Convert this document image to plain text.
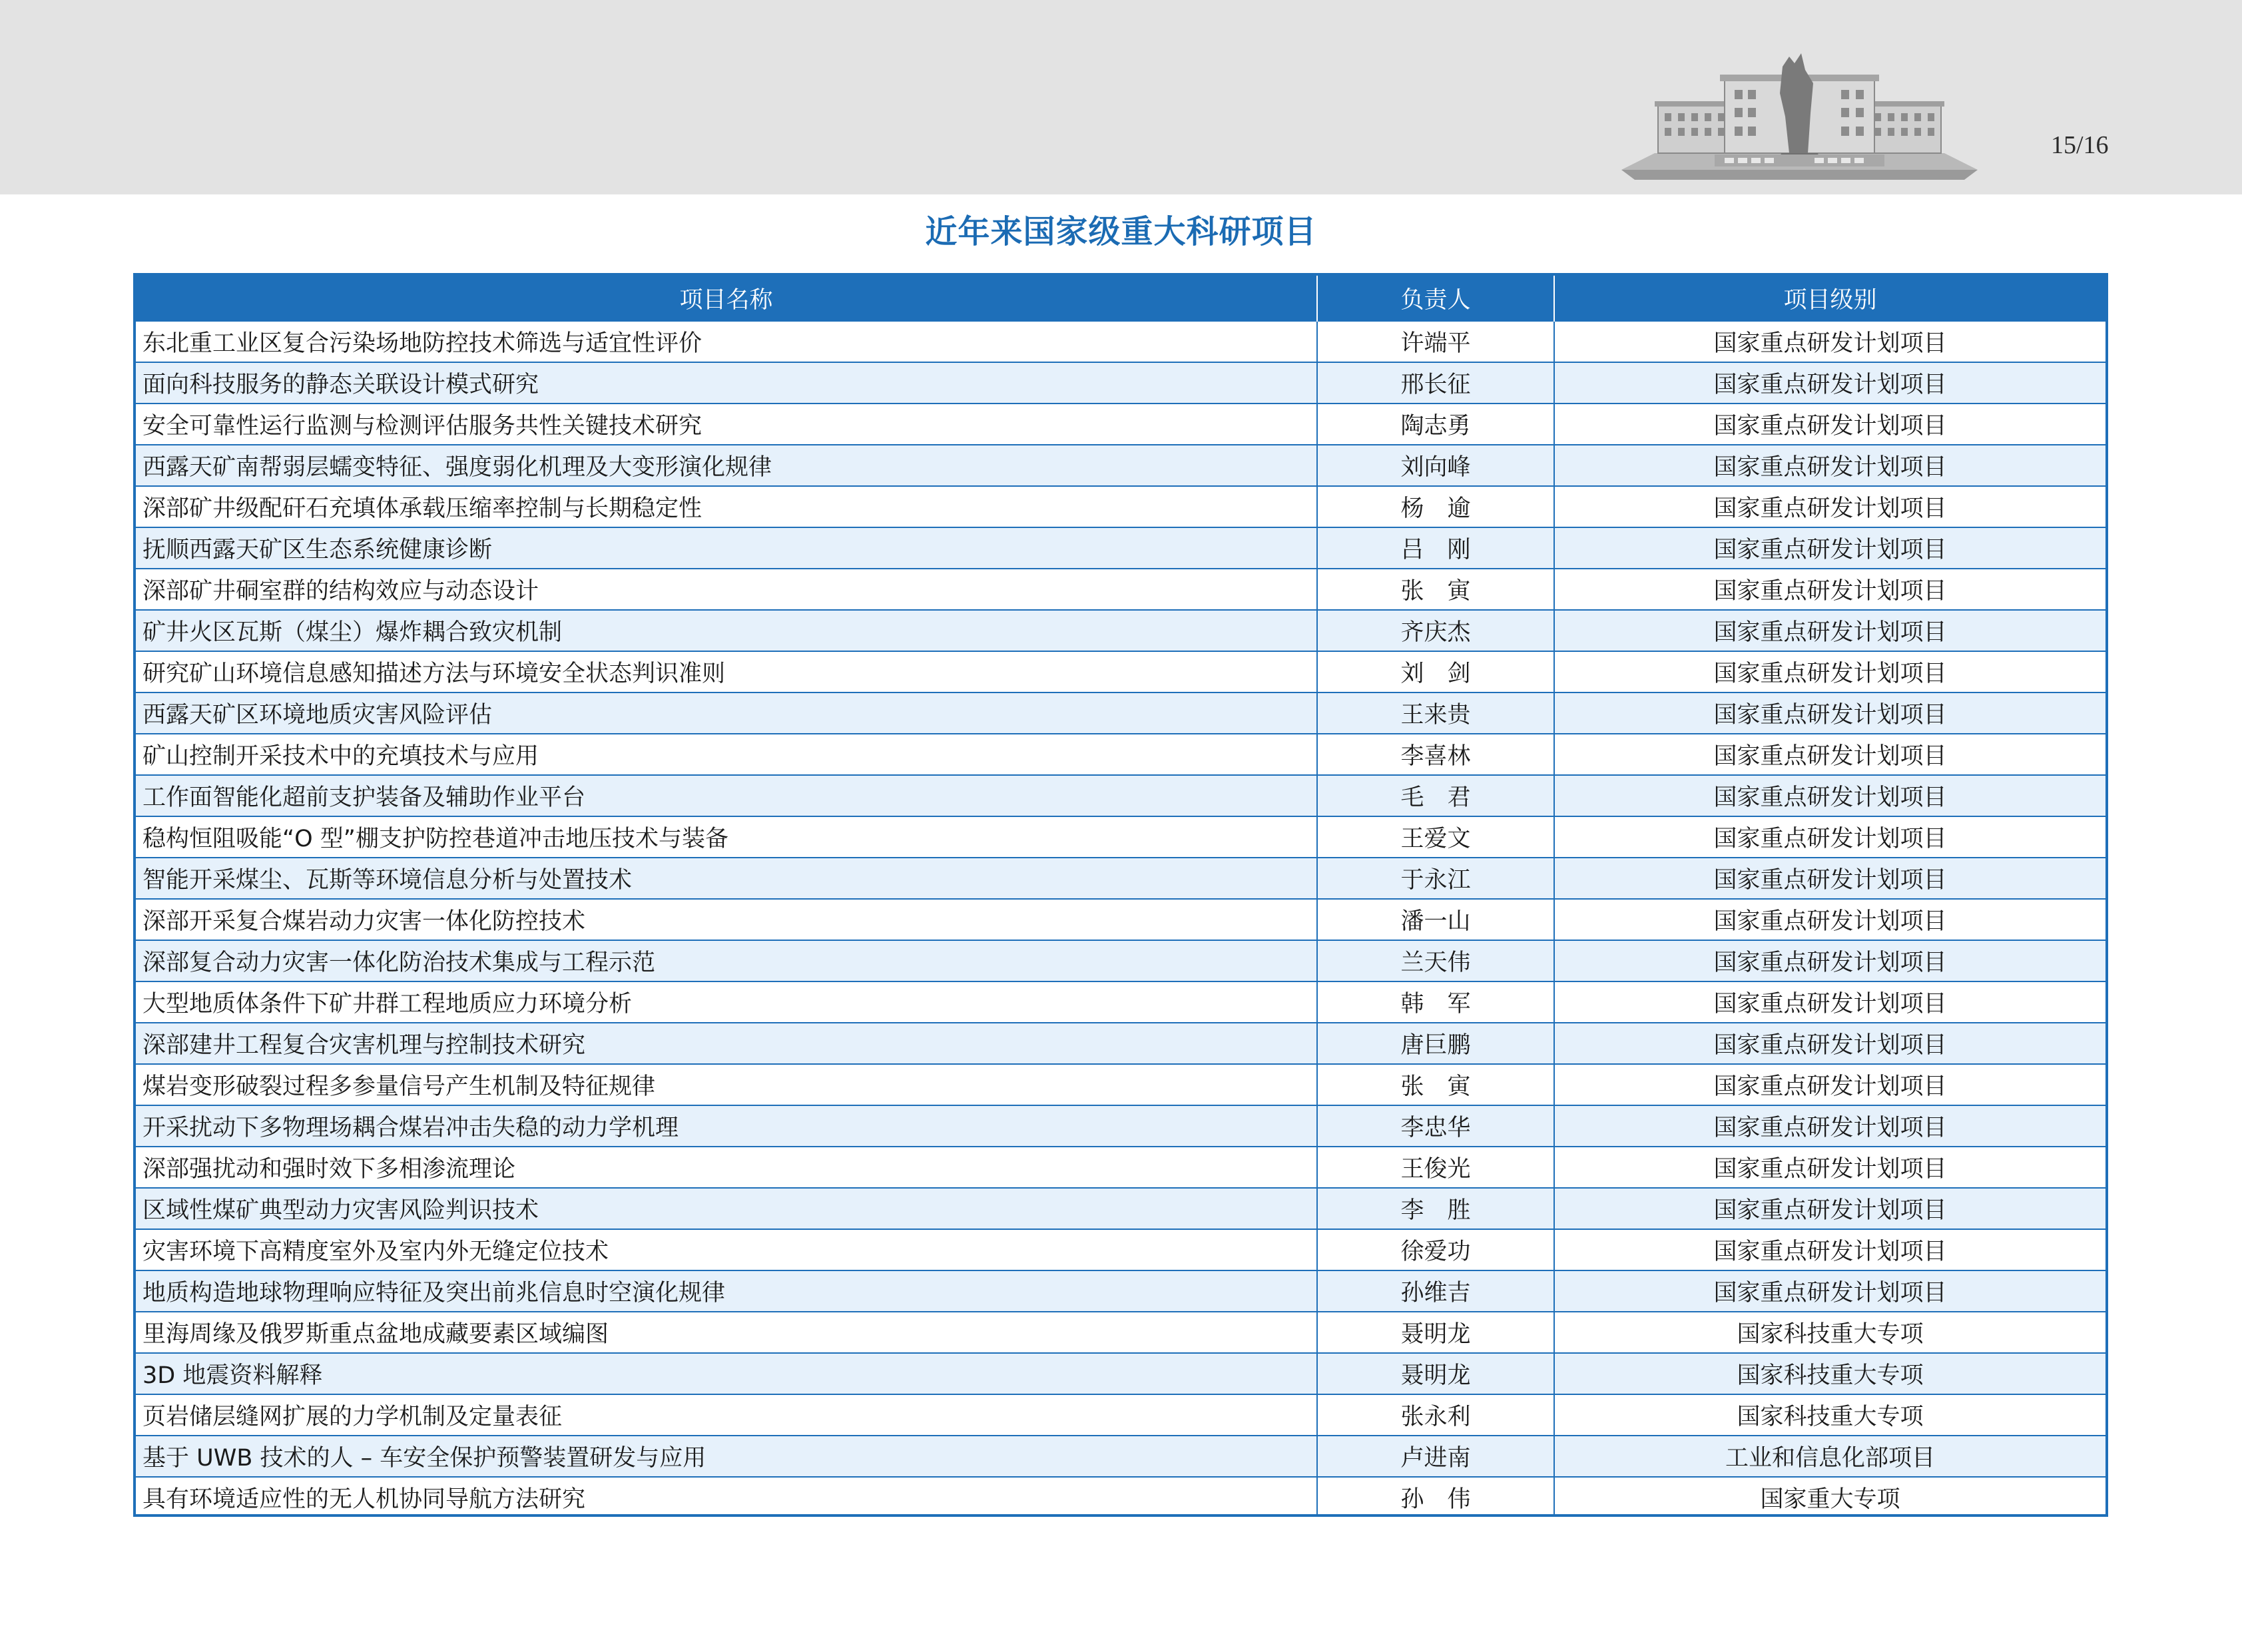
15/16
近年来国家级重大科研项目
项目名称	负责人	项目级别
东北重工业区复合污染场地防控技术筛选与适宜性评价	许端平	国家重点研发计划项目
面向科技服务的静态关联设计模式研究	邢长征	国家重点研发计划项目
安全可靠性运行监测与检测评估服务共性关键技术研究	陶志勇	国家重点研发计划项目
西露天矿南帮弱层蠕变特征、强度弱化机理及大变形演化规律	刘向峰	国家重点研发计划项目
深部矿井级配矸石充填体承载压缩率控制与长期稳定性	杨　逾	国家重点研发计划项目
抚顺西露天矿区生态系统健康诊断	吕　刚	国家重点研发计划项目
深部矿井硐室群的结构效应与动态设计	张　寅	国家重点研发计划项目
矿井火区瓦斯（煤尘）爆炸耦合致灾机制	齐庆杰	国家重点研发计划项目
研究矿山环境信息感知描述方法与环境安全状态判识准则	刘　剑	国家重点研发计划项目
西露天矿区环境地质灾害风险评估	王来贵	国家重点研发计划项目
矿山控制开采技术中的充填技术与应用	李喜林	国家重点研发计划项目
工作面智能化超前支护装备及辅助作业平台	毛　君	国家重点研发计划项目
稳构恒阻吸能“O 型”棚支护防控巷道冲击地压技术与装备	王爱文	国家重点研发计划项目
智能开采煤尘、瓦斯等环境信息分析与处置技术	于永江	国家重点研发计划项目
深部开采复合煤岩动力灾害一体化防控技术	潘一山	国家重点研发计划项目
深部复合动力灾害一体化防治技术集成与工程示范	兰天伟	国家重点研发计划项目
大型地质体条件下矿井群工程地质应力环境分析	韩　军	国家重点研发计划项目
深部建井工程复合灾害机理与控制技术研究	唐巨鹏	国家重点研发计划项目
煤岩变形破裂过程多参量信号产生机制及特征规律	张　寅	国家重点研发计划项目
开采扰动下多物理场耦合煤岩冲击失稳的动力学机理	李忠华	国家重点研发计划项目
深部强扰动和强时效下多相渗流理论	王俊光	国家重点研发计划项目
区域性煤矿典型动力灾害风险判识技术	李　胜	国家重点研发计划项目
灾害环境下高精度室外及室内外无缝定位技术	徐爱功	国家重点研发计划项目
地质构造地球物理响应特征及突出前兆信息时空演化规律	孙维吉	国家重点研发计划项目
里海周缘及俄罗斯重点盆地成藏要素区域编图	聂明龙	国家科技重大专项
3D 地震资料解释	聂明龙	国家科技重大专项
页岩储层缝网扩展的力学机制及定量表征	张永利	国家科技重大专项
基于 UWB 技术的人 – 车安全保护预警装置研发与应用	卢进南	工业和信息化部项目
具有环境适应性的无人机协同导航方法研究	孙　伟	国家重大专项
